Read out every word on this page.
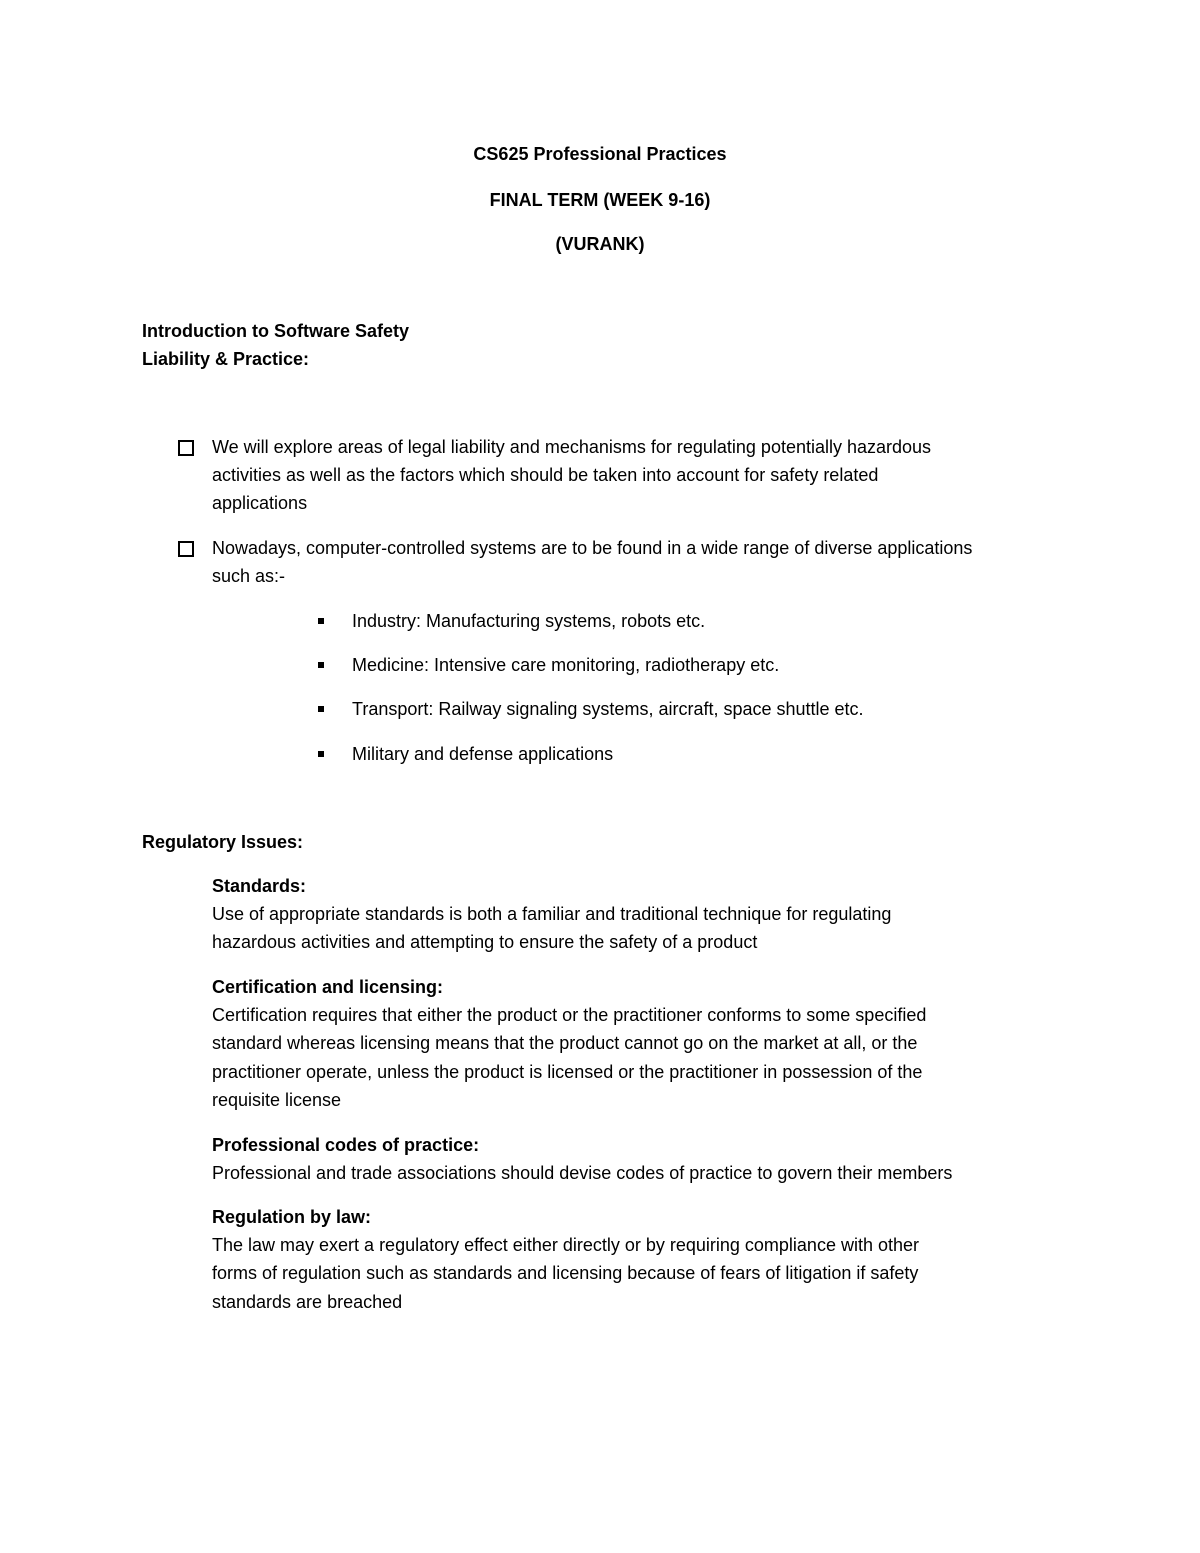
CS625 Professional Practices
FINAL TERM (WEEK 9-16)
(VURANK)
Introduction to Software Safety
Liability & Practice:
We will explore areas of legal liability and mechanisms for regulating potentially hazardous
activities as well as the factors which should be taken into account for safety related
applications
Nowadays, computer-controlled systems are to be found in a wide range of diverse applications
such as:-
Industry: Manufacturing systems, robots etc.
Medicine: Intensive care monitoring, radiotherapy etc.
Transport: Railway signaling systems, aircraft, space shuttle etc.
Military and defense applications
Regulatory Issues:
Standards:
Use of appropriate standards is both a familiar and traditional technique for regulating
hazardous activities and attempting to ensure the safety of a product
Certification and licensing:
Certification requires that either the product or the practitioner conforms to some specified
standard whereas licensing means that the product cannot go on the market at all, or the
practitioner operate, unless the product is licensed or the practitioner in possession of the
requisite license
Professional codes of practice:
Professional and trade associations should devise codes of practice to govern their members
Regulation by law:
The law may exert a regulatory effect either directly or by requiring compliance with other
forms of regulation such as standards and licensing because of fears of litigation if safety
standards are breached
